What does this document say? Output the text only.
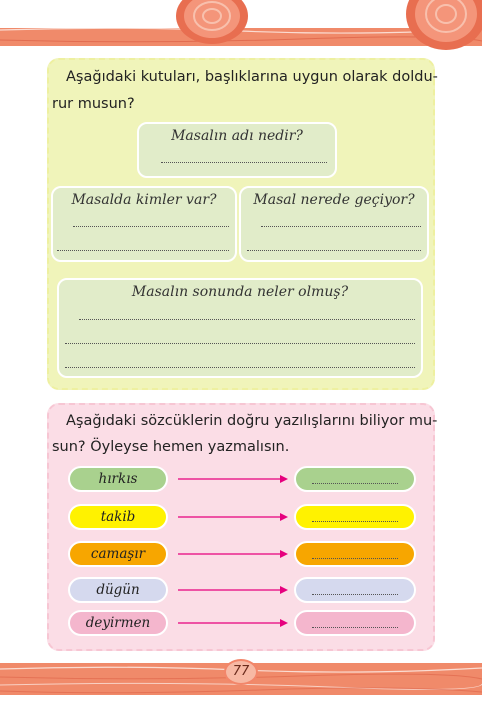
Aşağıdaki kutuları, başlıklarına uygun olarak doldu-

rur musun?

Masalın adı nedir?
Masalda kimler var?	Masal nerede geçiyor?
Masalın sonunda neler olmuş?

Aşağıdaki sözcüklerin doğru yazılışlarını biliyor mu-

sun? Öyleyse hemen yazmalısın.

hırkıs
takib
camaşır
dügün
deyirmen
77
